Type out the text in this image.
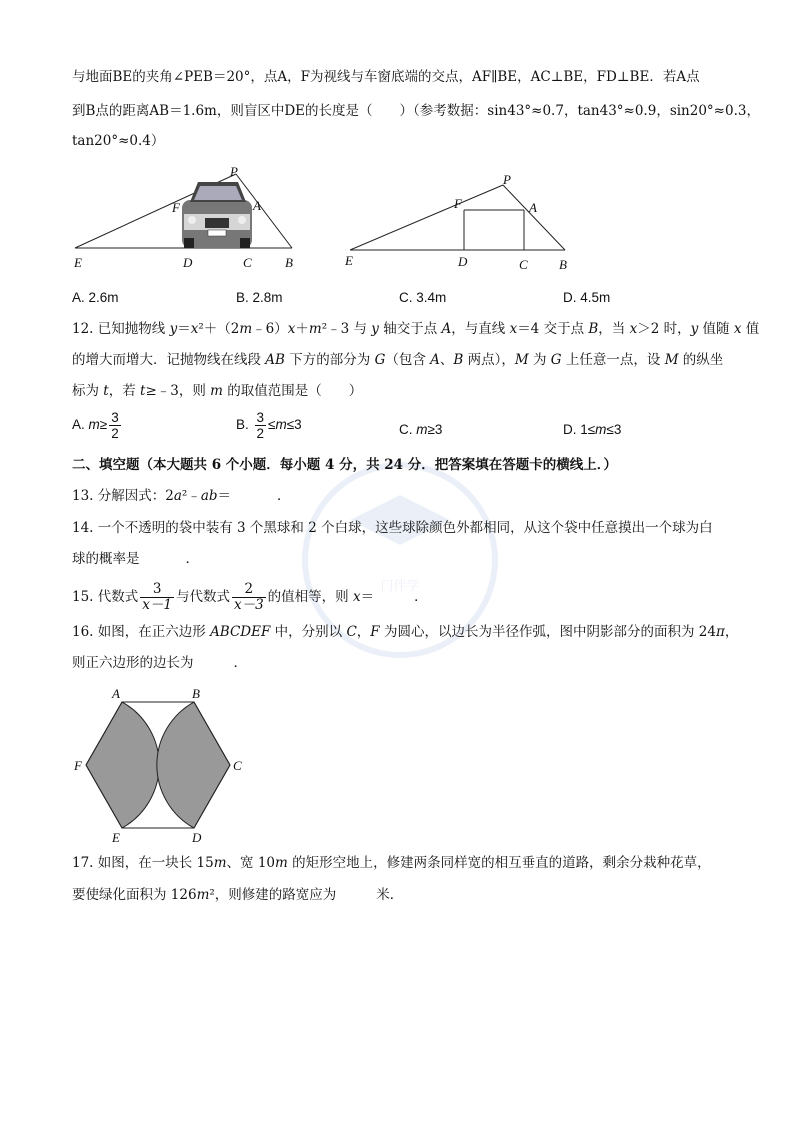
门伴学
与地面BE的夹角∠PEB＝20°，点A，F为视线与车窗底端的交点，AF∥BE，AC⊥BE，FD⊥BE．若A点
到B点的距离AB＝1.6m，则盲区中DE的长度是（　　）（参考数据：sin43°≈0.7，tan43°≈0.9，sin20°≈0.3，
tan20°≈0.4）
P
F	A
E	D	C	B
P
F	A
E	D	C B
A. 2.6m	B. 2.8m	C. 3.4m	D. 4.5m
12. 已知抛物线 y＝x²＋（2m﹣6）x＋m²﹣3 与 y 轴交于点 A，与直线 x＝4 交于点 B，当 x＞2 时，y 值随 x 值
的增大而增大．记抛物线在线段 AB 下方的部分为 G（包含 A、B 两点），M 为 G 上任意一点，设 M 的纵坐
标为 t，若 t≥﹣3，则 m 的取值范围是（　　）
A. $m\ge \frac{3}{2}$	B. $\frac{3}{2} \le m\le 3$	C. m≥3	D. 1≤m≤3
二、填空题（本大题共 6 个小题．每小题 4 分，共 24 分．把答案填在答题卡的横线上．）
13. 分解因式：2a²﹣ab＝	．
14. 一个不透明的袋中装有 3 个黑球和 2 个白球，这些球除颜色外都相同，从这个袋中任意摸出一个球为白
球的概率是	．
15. 代数式 $\frac{3}{x-1}$ 与代数式 $\frac{2}{x-3}$ 的值相等，则 x＝	．
16. 如图，在正六边形 ABCDEF 中，分别以 C，F 为圆心，以边长为半径作弧，图中阴影部分的面积为 24π，
则正六边形的边长为	．
A	B
C
D
E
F
17. 如图，在一块长 15m、宽 10m 的矩形空地上，修建两条同样宽的相互垂直的道路，剩余分栽种花草，
要使绿化面积为 126m²，则修建的路宽应为	米．
